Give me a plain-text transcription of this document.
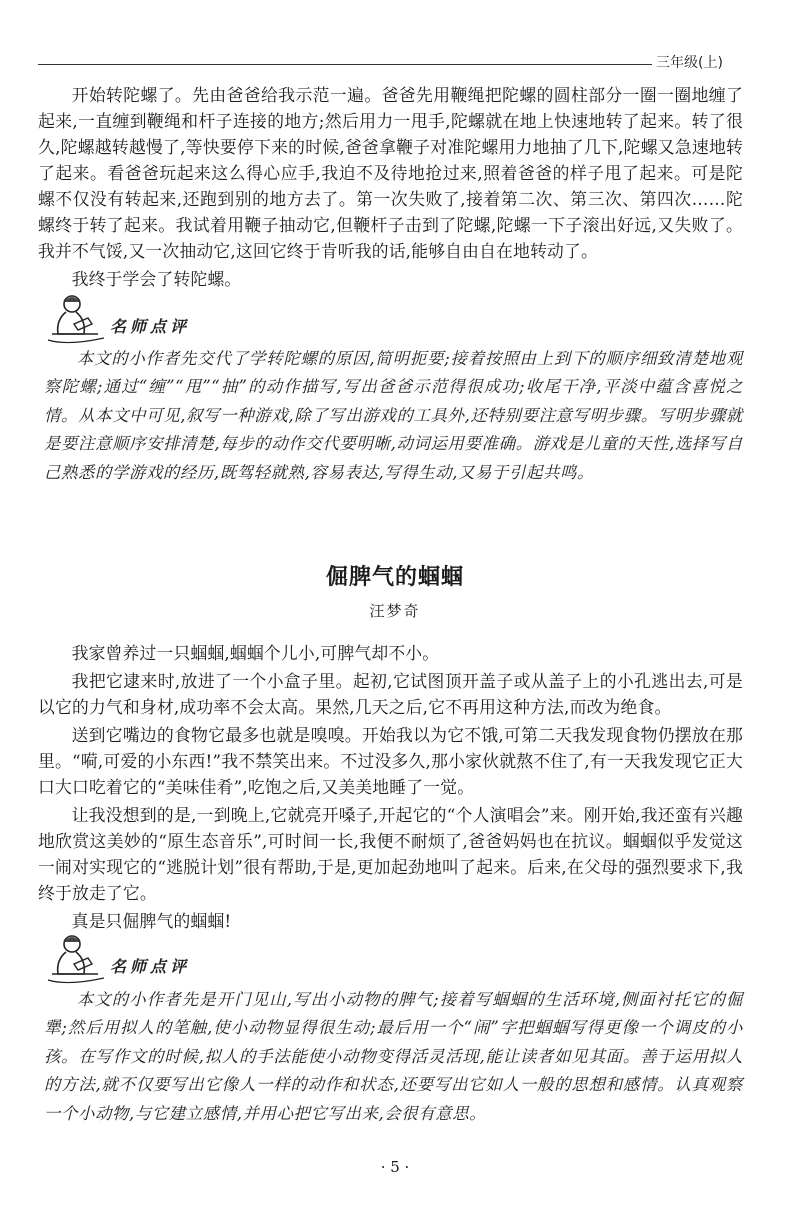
三年级(上)

开始转陀螺了。先由爸爸给我示范一遍。爸爸先用鞭绳把陀螺的圆柱部分一圈一圈地缠了起来,一直缠到鞭绳和杆子连接的地方;然后用力一甩手,陀螺就在地上快速地转了起来。转了很久,陀螺越转越慢了,等快要停下来的时候,爸爸拿鞭子对准陀螺用力地抽了几下,陀螺又急速地转了起来。看爸爸玩起来这么得心应手,我迫不及待地抢过来,照着爸爸的样子甩了起来。可是陀螺不仅没有转起来,还跑到别的地方去了。第一次失败了,接着第二次、第三次、第四次……陀螺终于转了起来。我试着用鞭子抽动它,但鞭杆子击到了陀螺,陀螺一下子滚出好远,又失败了。我并不气馁,又一次抽动它,这回它终于肯听我的话,能够自由自在地转动了。

我终于学会了转陀螺。

名师点评

本文的小作者先交代了学转陀螺的原因,简明扼要;接着按照由上到下的顺序细致清楚地观察陀螺;通过“缠”“甩”“抽”的动作描写,写出爸爸示范得很成功;收尾干净,平淡中蕴含喜悦之情。从本文中可见,叙写一种游戏,除了写出游戏的工具外,还特别要注意写明步骤。写明步骤就是要注意顺序安排清楚,每步的动作交代要明晰,动词运用要准确。游戏是儿童的天性,选择写自己熟悉的学游戏的经历,既驾轻就熟,容易表达,写得生动,又易于引起共鸣。

倔脾气的蝈蝈
汪梦奇

我家曾养过一只蝈蝈,蝈蝈个儿小,可脾气却不小。

我把它逮来时,放进了一个小盒子里。起初,它试图顶开盖子或从盖子上的小孔逃出去,可是以它的力气和身材,成功率不会太高。果然,几天之后,它不再用这种方法,而改为绝食。

送到它嘴边的食物它最多也就是嗅嗅。开始我以为它不饿,可第二天我发现食物仍摆放在那里。“嗬,可爱的小东西!”我不禁笑出来。不过没多久,那小家伙就熬不住了,有一天我发现它正大口大口吃着它的“美味佳肴”,吃饱之后,又美美地睡了一觉。

让我没想到的是,一到晚上,它就亮开嗓子,开起它的“个人演唱会”来。刚开始,我还蛮有兴趣地欣赏这美妙的“原生态音乐”,可时间一长,我便不耐烦了,爸爸妈妈也在抗议。蝈蝈似乎发觉这一闹对实现它的“逃脱计划”很有帮助,于是,更加起劲地叫了起来。后来,在父母的强烈要求下,我终于放走了它。

真是只倔脾气的蝈蝈!

名师点评

本文的小作者先是开门见山,写出小动物的脾气;接着写蝈蝈的生活环境,侧面衬托它的倔犟;然后用拟人的笔触,使小动物显得很生动;最后用一个“闹”字把蝈蝈写得更像一个调皮的小孩。在写作文的时候,拟人的手法能使小动物变得活灵活现,能让读者如见其面。善于运用拟人的方法,就不仅要写出它像人一样的动作和状态,还要写出它如人一般的思想和感情。认真观察一个小动物,与它建立感情,并用心把它写出来,会很有意思。

· 5 ·
